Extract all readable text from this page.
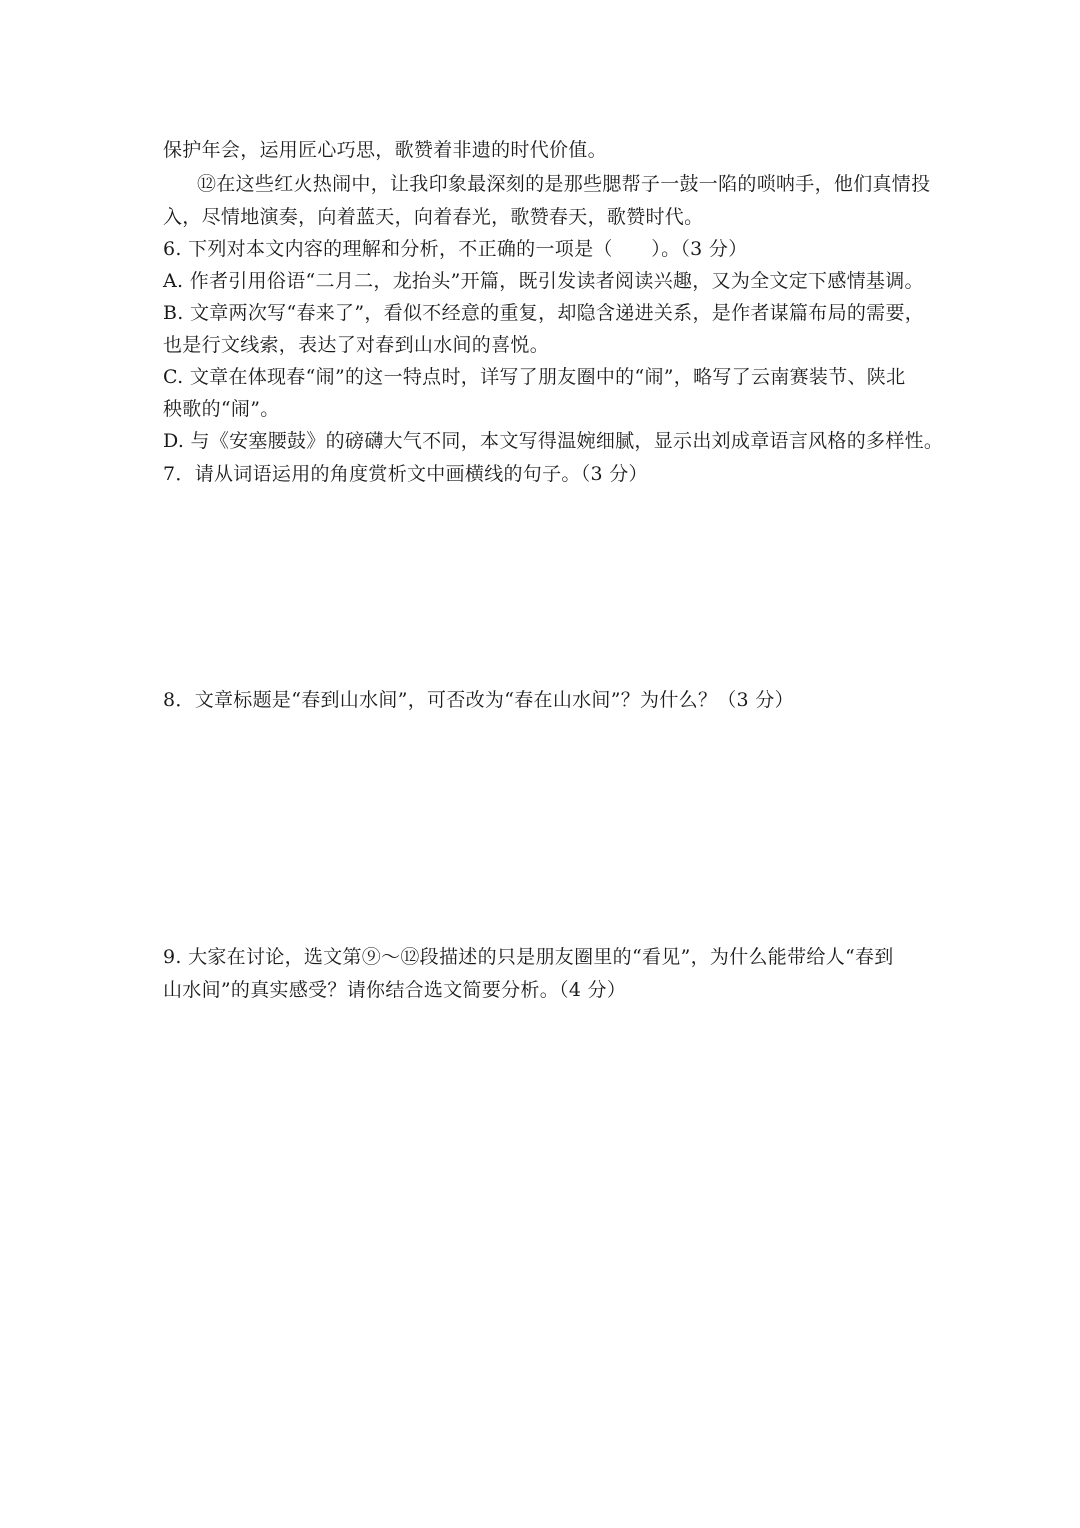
保护年会，运用匠心巧思，歌赞着非遗的时代价值。
⑫在这些红火热闹中，让我印象最深刻的是那些腮帮子一鼓一陷的唢呐手，他们真情投
入，尽情地演奏，向着蓝天，向着春光，歌赞春天，歌赞时代。
6. 下列对本文内容的理解和分析，不正确的一项是（　　）。（3 分）
A. 作者引用俗语“二月二，龙抬头”开篇，既引发读者阅读兴趣，又为全文定下感情基调。
B. 文章两次写“春来了”，看似不经意的重复，却隐含递进关系，是作者谋篇布局的需要，
也是行文线索，表达了对春到山水间的喜悦。
C. 文章在体现春“闹”的这一特点时，详写了朋友圈中的“闹”，略写了云南赛装节、陕北
秧歌的“闹”。
D. 与《安塞腰鼓》的磅礴大气不同，本文写得温婉细腻，显示出刘成章语言风格的多样性。
7．请从词语运用的角度赏析文中画横线的句子。（3 分）
8．文章标题是“春到山水间”，可否改为“春在山水间”？为什么？（3 分）
9. 大家在讨论，选文第⑨～⑫段描述的只是朋友圈里的“看见”，为什么能带给人“春到
山水间”的真实感受？请你结合选文简要分析。（4 分）
